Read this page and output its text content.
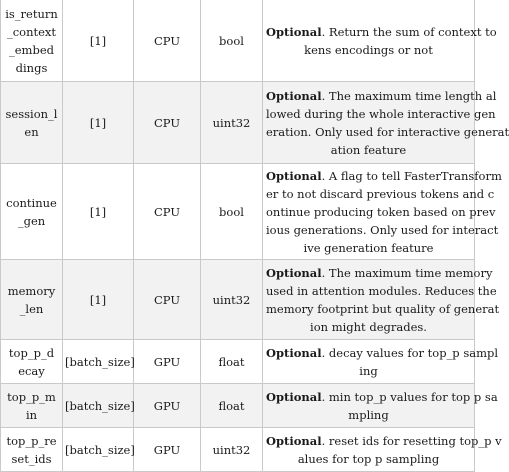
is_return
_context
_embed
dings	[1]	CPU	bool	Optional. Return the sum of context to
kens encodings or not

session_l
en	[1]	CPU	uint32	Optional. The maximum time length al
lowed during the whole interactive gen
eration. Only used for interactive generat
ation feature

continue
_gen	[1]	CPU	bool	Optional. A flag to tell FasterTransform
er to not discard previous tokens and c
ontinue producing token based on prev
ious generations. Only used for interact
ive generation feature

memory
_len	[1]	CPU	uint32	Optional. The maximum time memory
used in attention modules. Reduces the
memory footprint but quality of generat
ion might degrades.

top_p_d
ecay	[batch_size]	GPU	float	Optional. decay values for top_p sampl
ing

top_p_m
in	[batch_size]	GPU	float	Optional. min top_p values for top p sa
mpling

top_p_re
set_ids	[batch_size]	GPU	uint32	Optional. reset ids for resetting top_p v
alues for top p sampling
